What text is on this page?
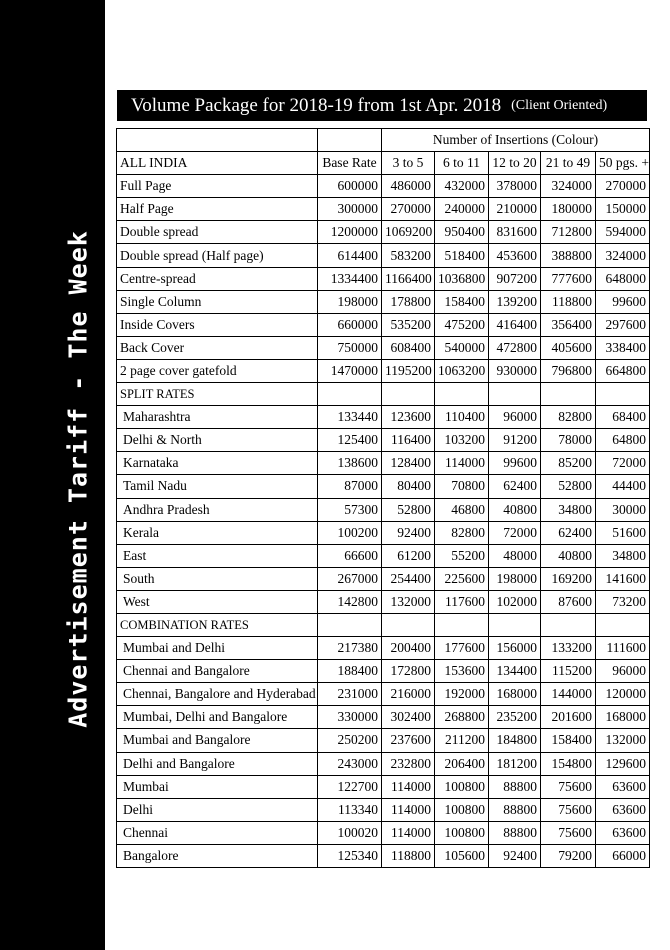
Advertisement Tariff - The Week
Volume Package for 2018-19 from 1st Apr. 2018 (Client Oriented)
		Number of Insertions (Colour)				
ALL INDIA	Base Rate	3 to 5	6 to 11	12 to 20	21 to 49	50 pgs. +
Full Page	600000	486000	432000	378000	324000	270000
Half Page	300000	270000	240000	210000	180000	150000
Double spread	1200000	1069200	950400	831600	712800	594000
Double spread (Half page)	614400	583200	518400	453600	388800	324000
Centre-spread	1334400	1166400	1036800	907200	777600	648000
Single Column	198000	178800	158400	139200	118800	99600
Inside Covers	660000	535200	475200	416400	356400	297600
Back Cover	750000	608400	540000	472800	405600	338400
2 page cover gatefold	1470000	1195200	1063200	930000	796800	664800
SPLIT RATES						
Maharashtra	133440	123600	110400	96000	82800	68400
Delhi & North	125400	116400	103200	91200	78000	64800
Karnataka	138600	128400	114000	99600	85200	72000
Tamil Nadu	87000	80400	70800	62400	52800	44400
Andhra Pradesh	57300	52800	46800	40800	34800	30000
Kerala	100200	92400	82800	72000	62400	51600
East	66600	61200	55200	48000	40800	34800
South	267000	254400	225600	198000	169200	141600
West	142800	132000	117600	102000	87600	73200
COMBINATION RATES						
Mumbai and Delhi	217380	200400	177600	156000	133200	111600
Chennai and Bangalore	188400	172800	153600	134400	115200	96000
Chennai, Bangalore and Hyderabad	231000	216000	192000	168000	144000	120000
Mumbai, Delhi and Bangalore	330000	302400	268800	235200	201600	168000
Mumbai and Bangalore	250200	237600	211200	184800	158400	132000
Delhi and Bangalore	243000	232800	206400	181200	154800	129600
Mumbai	122700	114000	100800	88800	75600	63600
Delhi	113340	114000	100800	88800	75600	63600
Chennai	100020	114000	100800	88800	75600	63600
Bangalore	125340	118800	105600	92400	79200	66000
